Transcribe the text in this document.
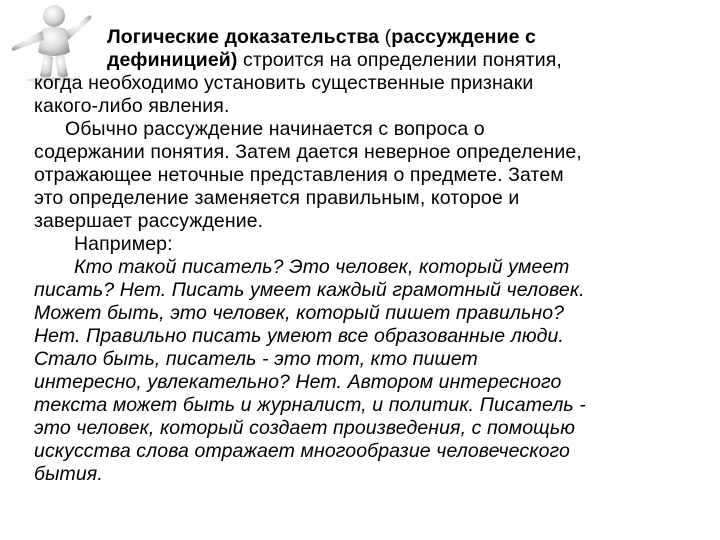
Логические доказательства (рассуждение с
дефиницией) строится на определении понятия,
когда необходимо установить существенные признаки
какого-либо явления.
Обычно рассуждение начинается с вопроса о
содержании понятия. Затем дается неверное определение,
отражающее неточные представления о предмете. Затем
это определение заменяется правильным, которое и
завершает рассуждение.
Например:
Кто такой писатель? Это человек, который умеет
писать? Нет. Писать умеет каждый грамотный человек.
Может быть, это человек, который пишет правильно?
Нет. Правильно писать умеют все образованные люди.
Стало быть, писатель - это тот, кто пишет
интересно, увлекательно? Нет. Автором интересного
текста может быть и журналист, и политик. Писатель -
это человек, который создает произведения, с помощью
искусства слова отражает многообразие человеческого
бытия.
